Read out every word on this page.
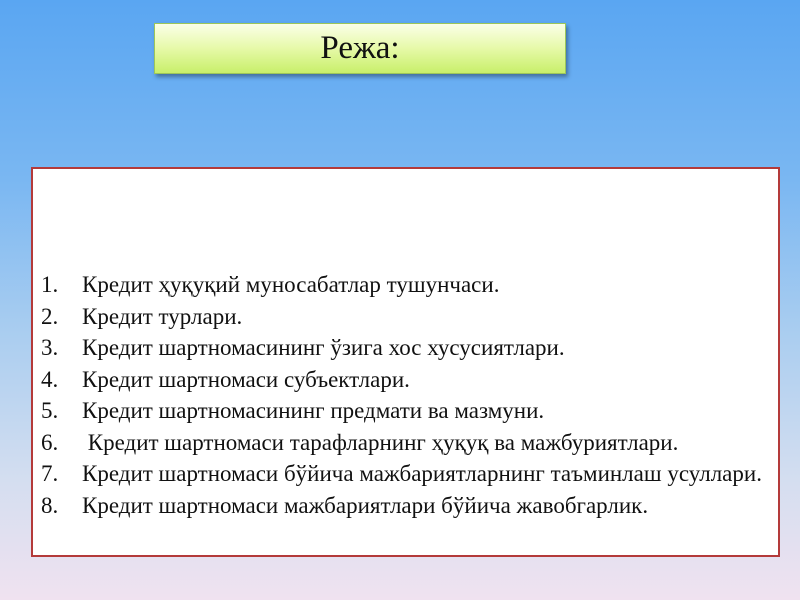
Режа:
1.	Кредит ҳуқуқий муносабатлар тушунчаси.
2.	Кредит турлари.
3.	Кредит шартномасининг ўзига хос хусусиятлари.
4.	Кредит шартномаси субъектлари.
5.	Кредит шартномасининг предмати ва мазмуни.
6.	Кредит шартномаси тарафларнинг ҳуқуқ ва мажбуриятлари.
7.	Кредит шартномаси бўйича мажбариятларнинг таъминлаш усуллари.
8.	Кредит шартномаси мажбариятлари бўйича жавобгарлик.
